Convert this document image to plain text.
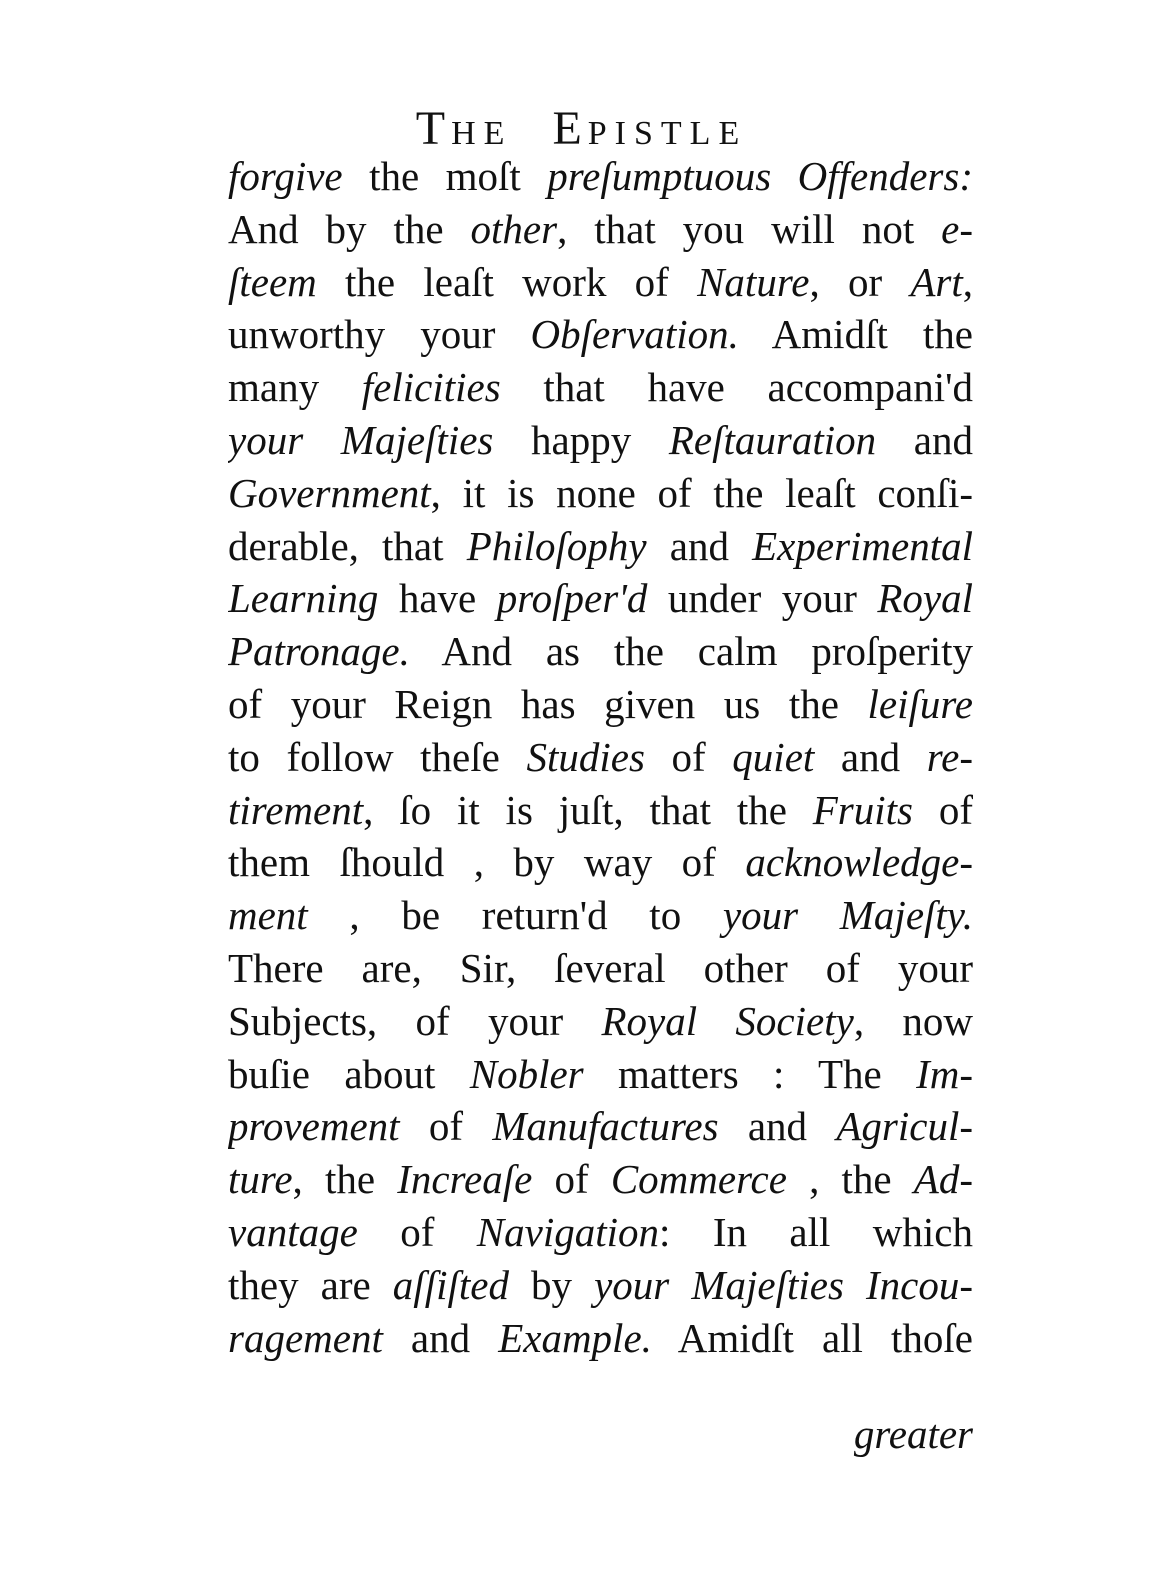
THE EPISTLE
forgive the moſt preſumptuous Offenders:
And by the other, that you will not e-
ſteem the leaſt work of Nature, or Art,
unworthy your Obſervation. Amidſt the
many felicities that have accompani'd
your Majeſties happy Reſtauration and
Government, it is none of the leaſt conſi-
derable, that Philoſophy and Experimental
Learning have proſper'd under your Royal
Patronage. And as the calm proſperity
of your Reign has given us the leiſure
to follow theſe Studies of quiet and re-
tirement, ſo it is juſt, that the Fruits of
them ſhould , by way of acknowledge-
ment , be return'd to your Majeſty.
There are, Sir, ſeveral other of your
Subjects, of your Royal Society, now
buſie about Nobler matters : The Im-
provement of Manufactures and Agricul-
ture, the Increaſe of Commerce , the Ad-
vantage of Navigation: In all which
they are aſſiſted by your Majeſties Incou-
ragement and Example. Amidſt all thoſe
greater
